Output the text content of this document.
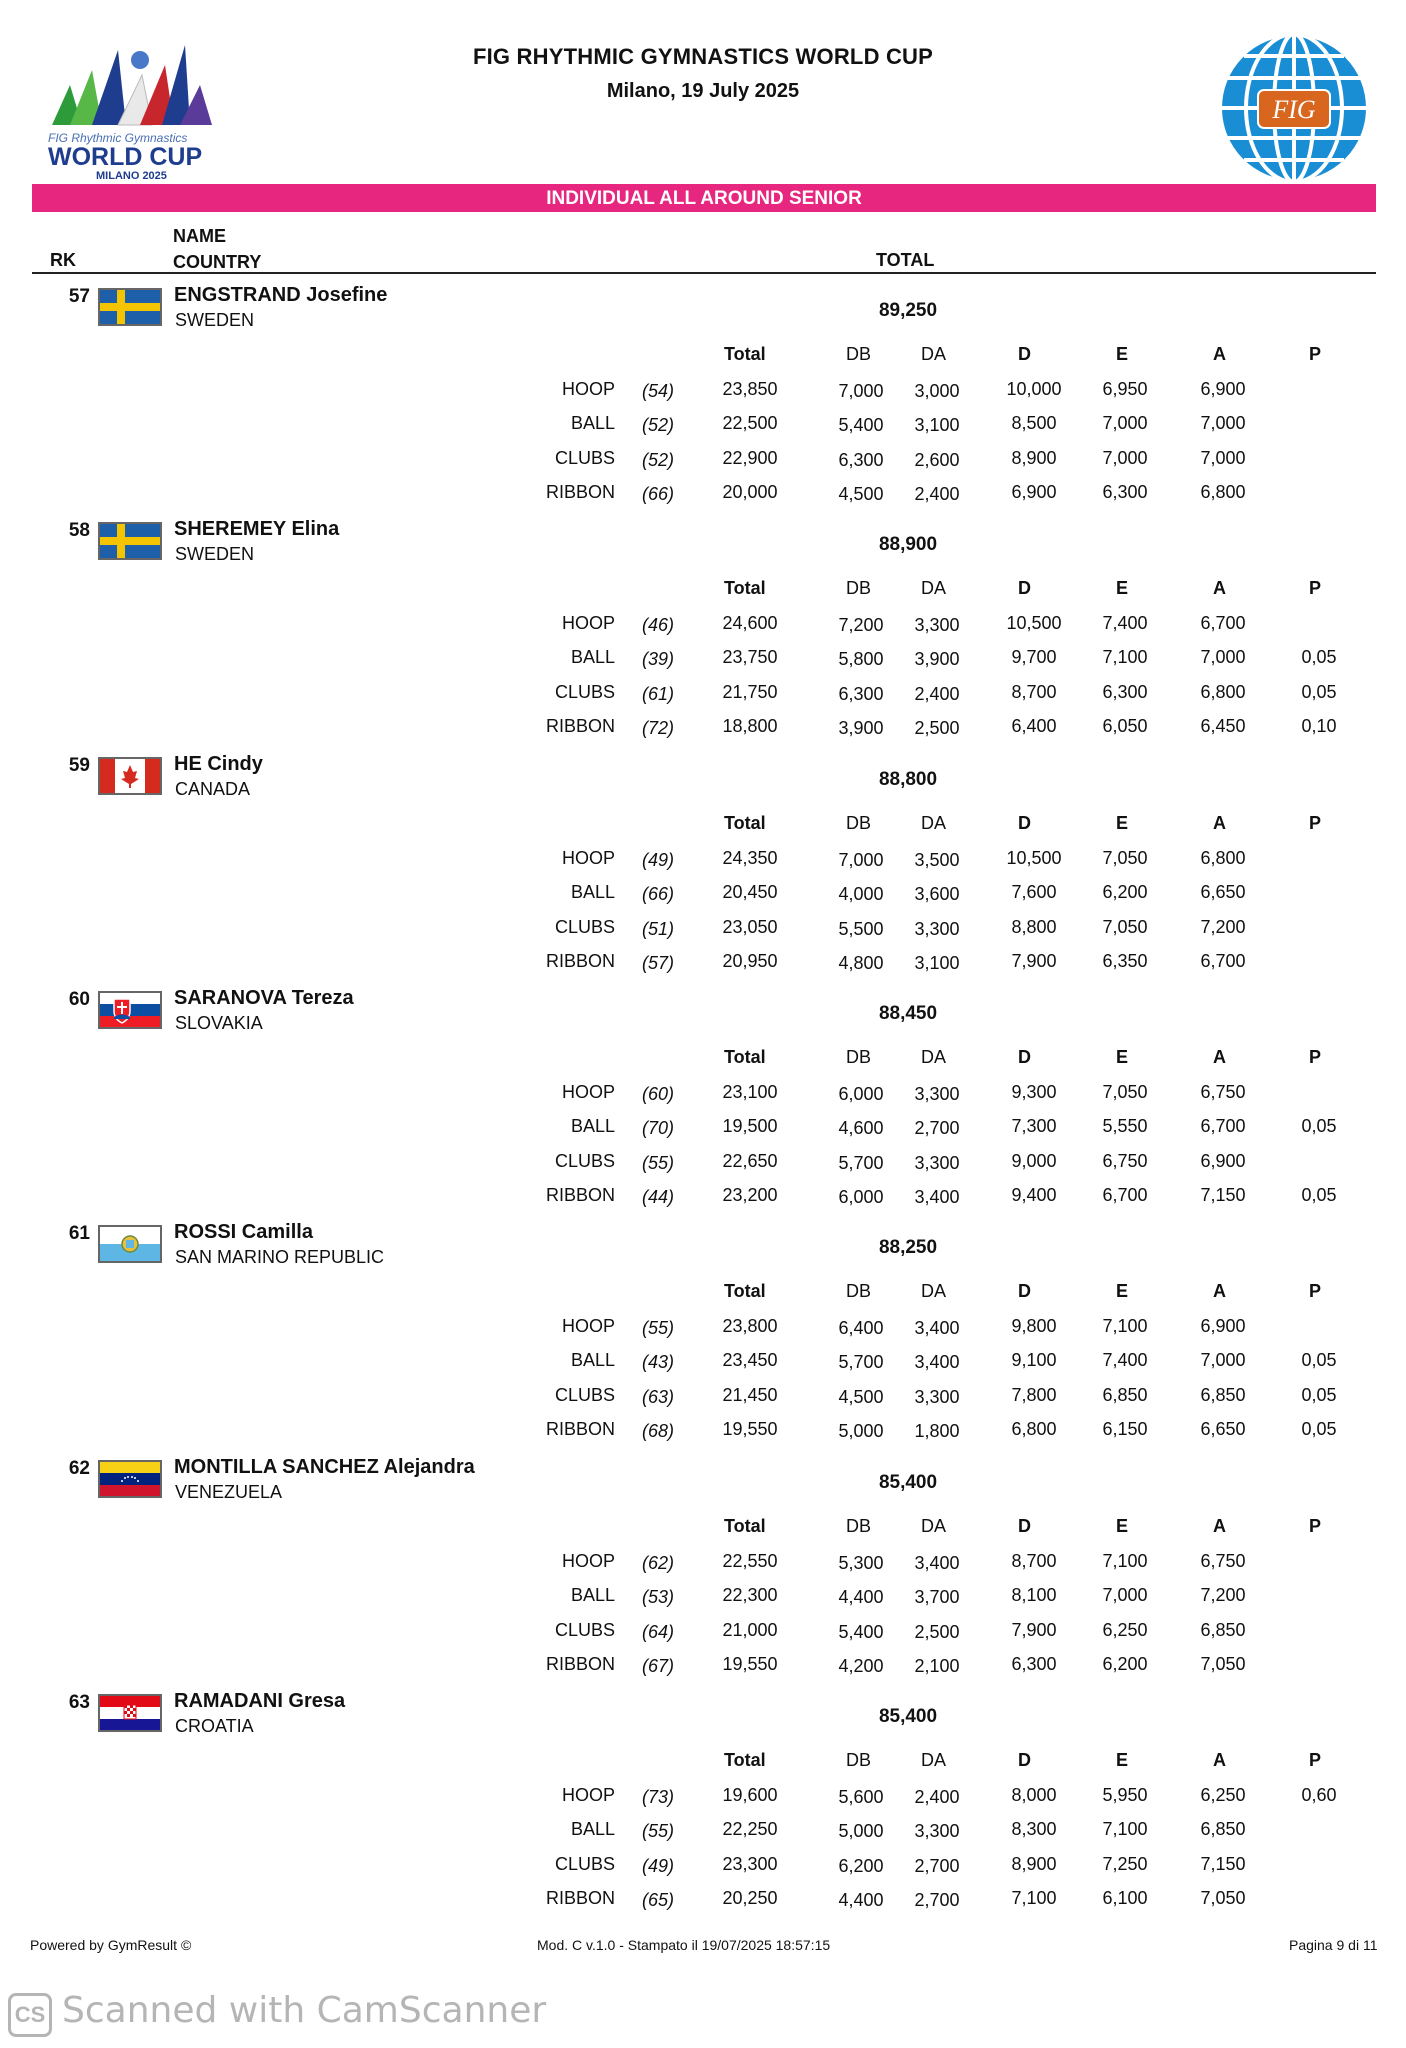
FIG Rhythmic Gymnastics
WORLD CUP
MILANO 2025
FIG RHYTHMIC GYMNASTICS WORLD CUP
Milano, 19 July 2025
FIG
INDIVIDUAL ALL AROUND SENIOR
RK
NAME
COUNTRY	TOTAL
57	ENGSTRAND Josefine
SWEDEN	89,250
Total	DB	DA	D	E	A	P
HOOP (54)	23,850	7,000	3,000	10,000	6,950	6,900
BALL (52)	22,500	5,400	3,100	8,500	7,000	7,000
CLUBS (52)	22,900	6,300	2,600	8,900	7,000	7,000
RIBBON (66)	20,000	4,500	2,400	6,900	6,300	6,800
58	SHEREMEY Elina
SWEDEN	88,900
Total	DB	DA	D	E	A	P
HOOP (46)	24,600	7,200	3,300	10,500	7,400	6,700
BALL (39)	23,750	5,800	3,900	9,700	7,100	7,000	0,05
CLUBS (61)	21,750	6,300	2,400	8,700	6,300	6,800	0,05
RIBBON (72)	18,800	3,900	2,500	6,400	6,050	6,450	0,10
59	HE Cindy
CANADA	88,800
Total	DB	DA	D	E	A	P
HOOP (49)	24,350	7,000	3,500	10,500	7,050	6,800
BALL (66)	20,450	4,000	3,600	7,600	6,200	6,650
CLUBS (51)	23,050	5,500	3,300	8,800	7,050	7,200
RIBBON (57)	20,950	4,800	3,100	7,900	6,350	6,700
60	SARANOVA Tereza
SLOVAKIA	88,450
Total	DB	DA	D	E	A	P
HOOP (60)	23,100	6,000	3,300	9,300	7,050	6,750
BALL (70)	19,500	4,600	2,700	7,300	5,550	6,700	0,05
CLUBS (55)	22,650	5,700	3,300	9,000	6,750	6,900
RIBBON (44)	23,200	6,000	3,400	9,400	6,700	7,150	0,05
61	ROSSI Camilla
SAN MARINO REPUBLIC	88,250
Total	DB	DA	D	E	A	P
HOOP (55)	23,800	6,400	3,400	9,800	7,100	6,900
BALL (43)	23,450	5,700	3,400	9,100	7,400	7,000	0,05
CLUBS (63)	21,450	4,500	3,300	7,800	6,850	6,850	0,05
RIBBON (68)	19,550	5,000	1,800	6,800	6,150	6,650	0,05
62	MONTILLA SANCHEZ Alejandra
VENEZUELA	85,400
Total	DB	DA	D	E	A	P
HOOP (62)	22,550	5,300	3,400	8,700	7,100	6,750
BALL (53)	22,300	4,400	3,700	8,100	7,000	7,200
CLUBS (64)	21,000	5,400	2,500	7,900	6,250	6,850
RIBBON (67)	19,550	4,200	2,100	6,300	6,200	7,050
63	RAMADANI Gresa
CROATIA	85,400
Total	DB	DA	D	E	A	P
HOOP (73)	19,600	5,600	2,400	8,000	5,950	6,250	0,60
BALL (55)	22,250	5,000	3,300	8,300	7,100	6,850
CLUBS (49)	23,300	6,200	2,700	8,900	7,250	7,150
RIBBON (65)	20,250	4,400	2,700	7,100	6,100	7,050
Powered by GymResult ©	Mod. C v.1.0 - Stampato il 19/07/2025 18:57:15	Pagina 9 di 11
CS Scanned with CamScanner
